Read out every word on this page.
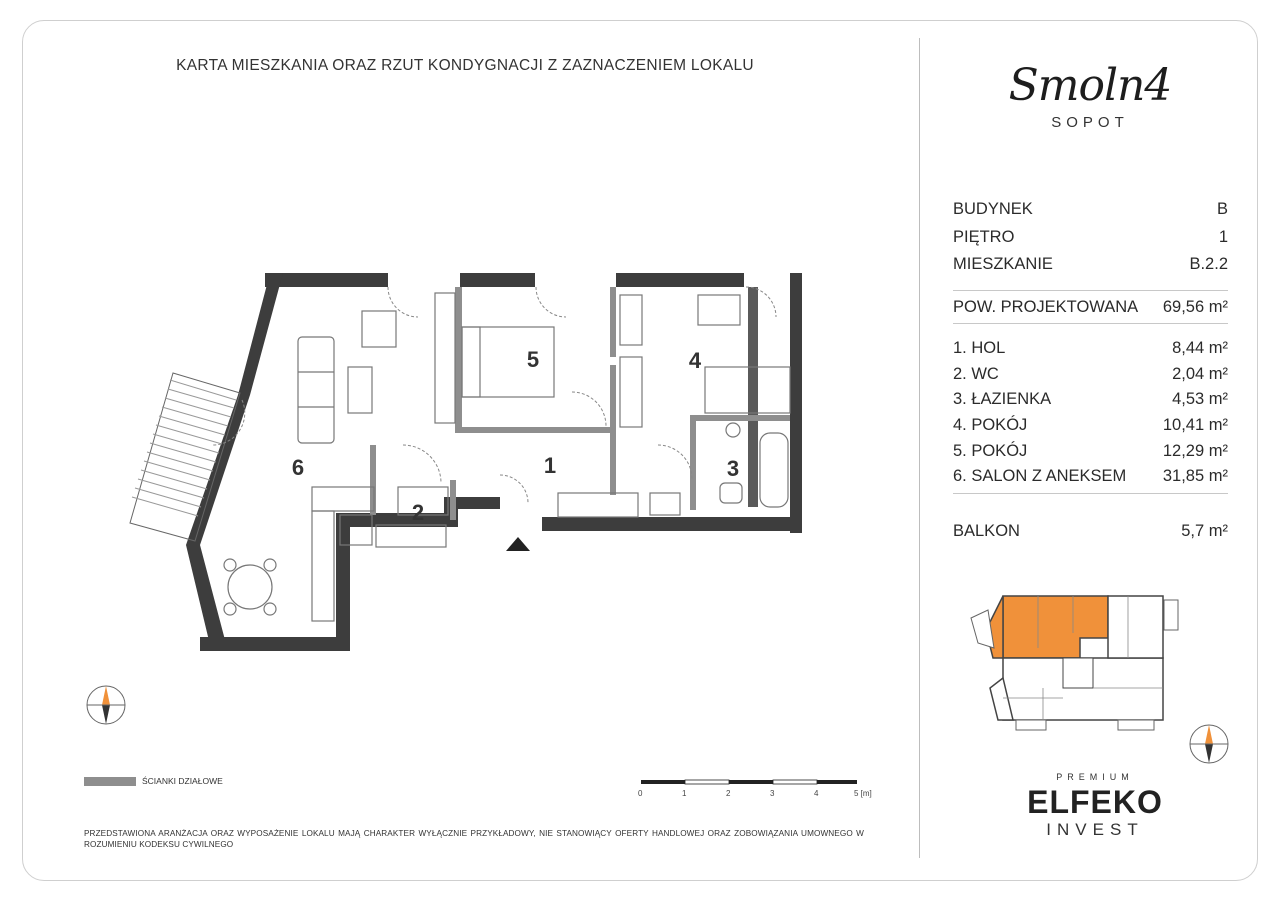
KARTA MIESZKANIA ORAZ RZUT KONDYGNACJI Z ZAZNACZENIEM LOKALU
1
2
3
4
5
6
ŚCIANKI DZIAŁOWE
0	1	2	3	4	5 [m]
PRZEDSTAWIONA ARANŻACJA ORAZ WYPOSAŻENIE LOKALU MAJĄ CHARAKTER WYŁĄCZNIE PRZYKŁADOWY, NIE STANOWIĄCY OFERTY HANDLOWEJ ORAZ ZOBOWIĄZANIA UMOWNEGO W ROZUMIENIU KODEKSU CYWILNEGO
Smoln4
SOPOT
BUDYNEK	B
PIĘTRO	1
MIESZKANIE	B.2.2
POW. PROJEKTOWANA 69,56 m²
1. HOL	8,44 m²
2. WC	2,04 m²
3. ŁAZIENKA	4,53 m²
4. POKÓJ	10,41 m²
5. POKÓJ	12,29 m²
6. SALON Z ANEKSEM 31,85 m²
BALKON	5,7 m²
PREMIUM
ELFEKO
INVEST
